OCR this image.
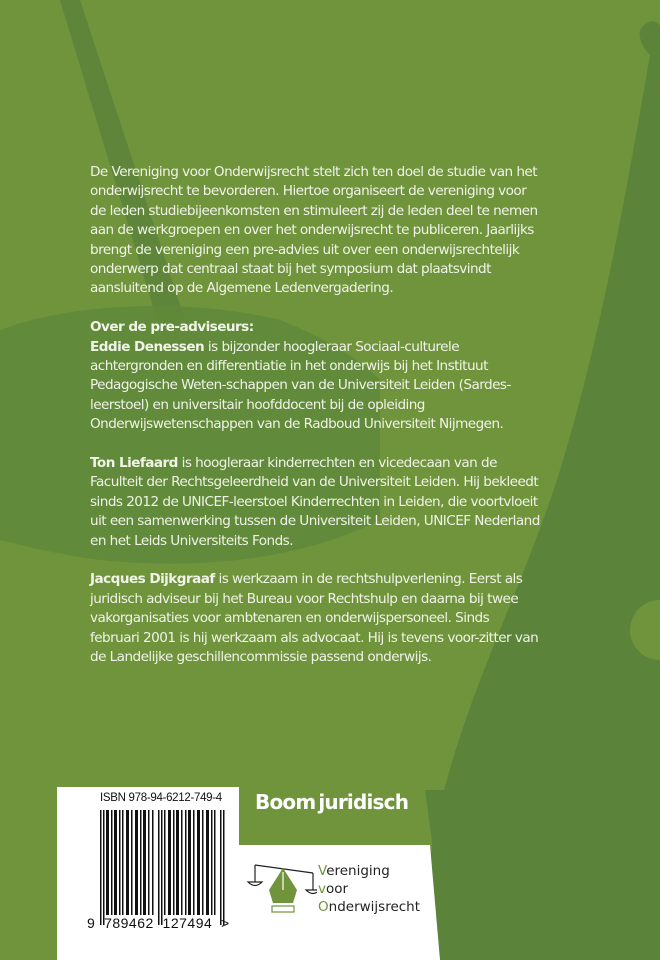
De Vereniging voor Onderwijsrecht stelt zich ten doel de studie van het onderwijsrecht te bevorderen. Hiertoe organiseert de vereniging voor de leden studiebijeenkomsten en stimuleert zij de leden deel te nemen aan de werkgroepen en over het onderwijsrecht te publiceren. Jaarlijks brengt de vereniging een pre-advies uit over een onderwijsrechtelijk onderwerp dat centraal staat bij het symposium dat plaatsvindt aansluitend op de Algemene Ledenvergadering.

Over de pre-adviseurs:
Eddie Denessen is bijzonder hoogleraar Sociaal-culturele achtergronden en differentiatie in het onderwijs bij het Instituut Pedagogische Weten-schappen van de Universiteit Leiden (Sardes-leerstoel) en universitair hoofddocent bij de opleiding Onderwijswetenschappen van de Radboud Universiteit Nijmegen.

Ton Liefaard is hoogleraar kinderrechten en vicedecaan van de Faculteit der Rechtsgeleerdheid van de Universiteit Leiden. Hij bekleedt sinds 2012 de UNICEF-leerstoel Kinderrechten in Leiden, die voortvloeit uit een samenwerking tussen de Universiteit Leiden, UNICEF Nederland en het Leids Universiteits Fonds.

Jacques Dijkgraaf is werkzaam in de rechtshulpverlening. Eerst als juridisch adviseur bij het Bureau voor Rechtshulp en daarna bij twee vakorganisaties voor ambtenaren en onderwijspersoneel. Sinds februari 2001 is hij werkzaam als advocaat. Hij is tevens voor-zitter van de Landelijke geschillencommissie passend onderwijs.

ISBN 978-94-6212-749-4
9  789462  127494  >
Boom juridisch
Vereniging
voor
Onderwijsrecht
